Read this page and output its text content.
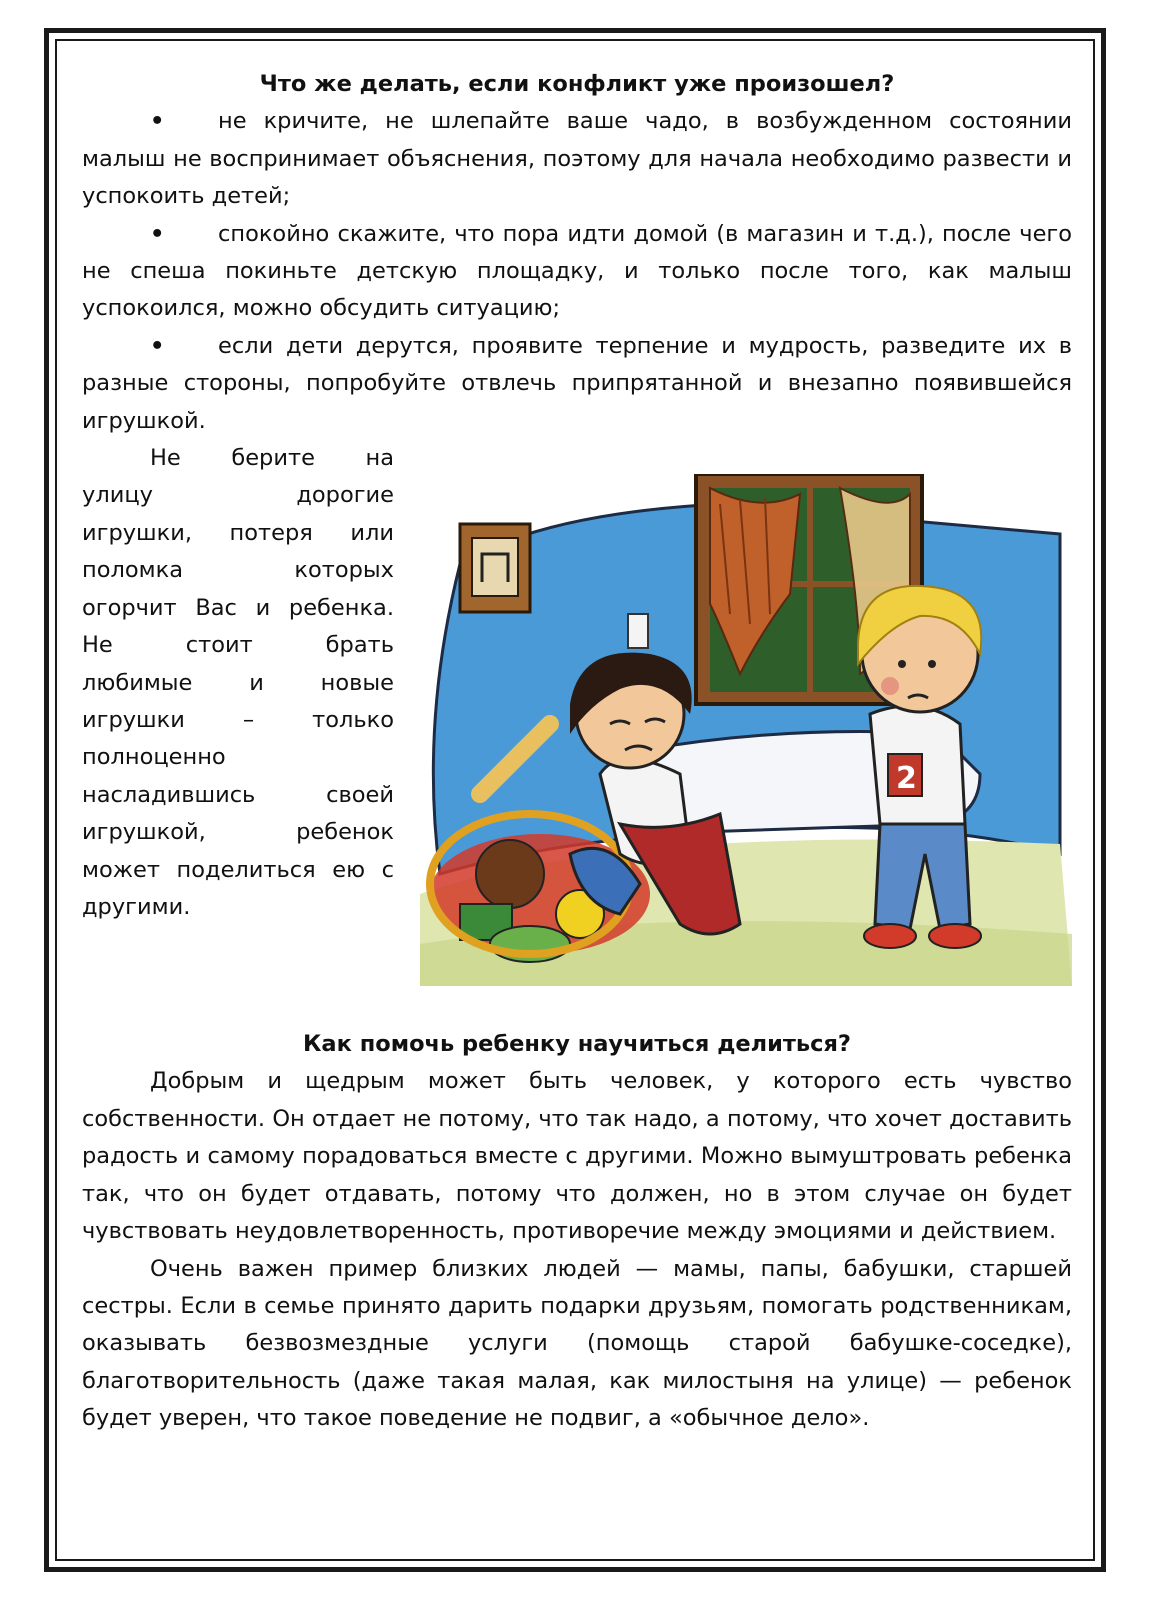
Что же делать, если конфликт уже произошел?

• не кричите, не шлепайте ваше чадо, в возбужденном состоянии малыш не воспринимает объяснения, поэтому для начала необходимо развести и успокоить детей;

• спокойно скажите, что пора идти домой (в магазин и т.д.), после чего не спеша покиньте детскую площадку, и только после того, как малыш успокоился, можно обсудить ситуацию;

• если дети дерутся, проявите терпение и мудрость, разведите их в разные стороны, попробуйте отвлечь припрятанной и внезапно появившейся игрушкой.

Не берите на

улицу дорогие

игрушки, потеря или

поломка которых

огорчит Вас и ребенка.

Не стоит брать

любимые и новые

игрушки – только

полноценно

насладившись своей

игрушкой, ребенок

может поделиться ею с

другими.

2
Как помочь ребенку научиться делиться?

Добрым и щедрым может быть человек, у которого есть чувство собственности. Он отдает не потому, что так надо, а потому, что хочет доставить радость и самому порадоваться вместе с другими. Можно вымуштровать ребенка так, что он будет отдавать, потому что должен, но в этом случае он будет чувствовать неудовлетворенность, противоречие между эмоциями и действием.

Очень важен пример близких людей — мамы, папы, бабушки, старшей сестры. Если в семье принято дарить подарки друзьям, помогать родственникам, оказывать безвозмездные услуги (помощь старой бабушке-соседке), благотворительность (даже такая малая, как милостыня на улице) — ребенок будет уверен, что такое поведение не подвиг, а «обычное дело».
